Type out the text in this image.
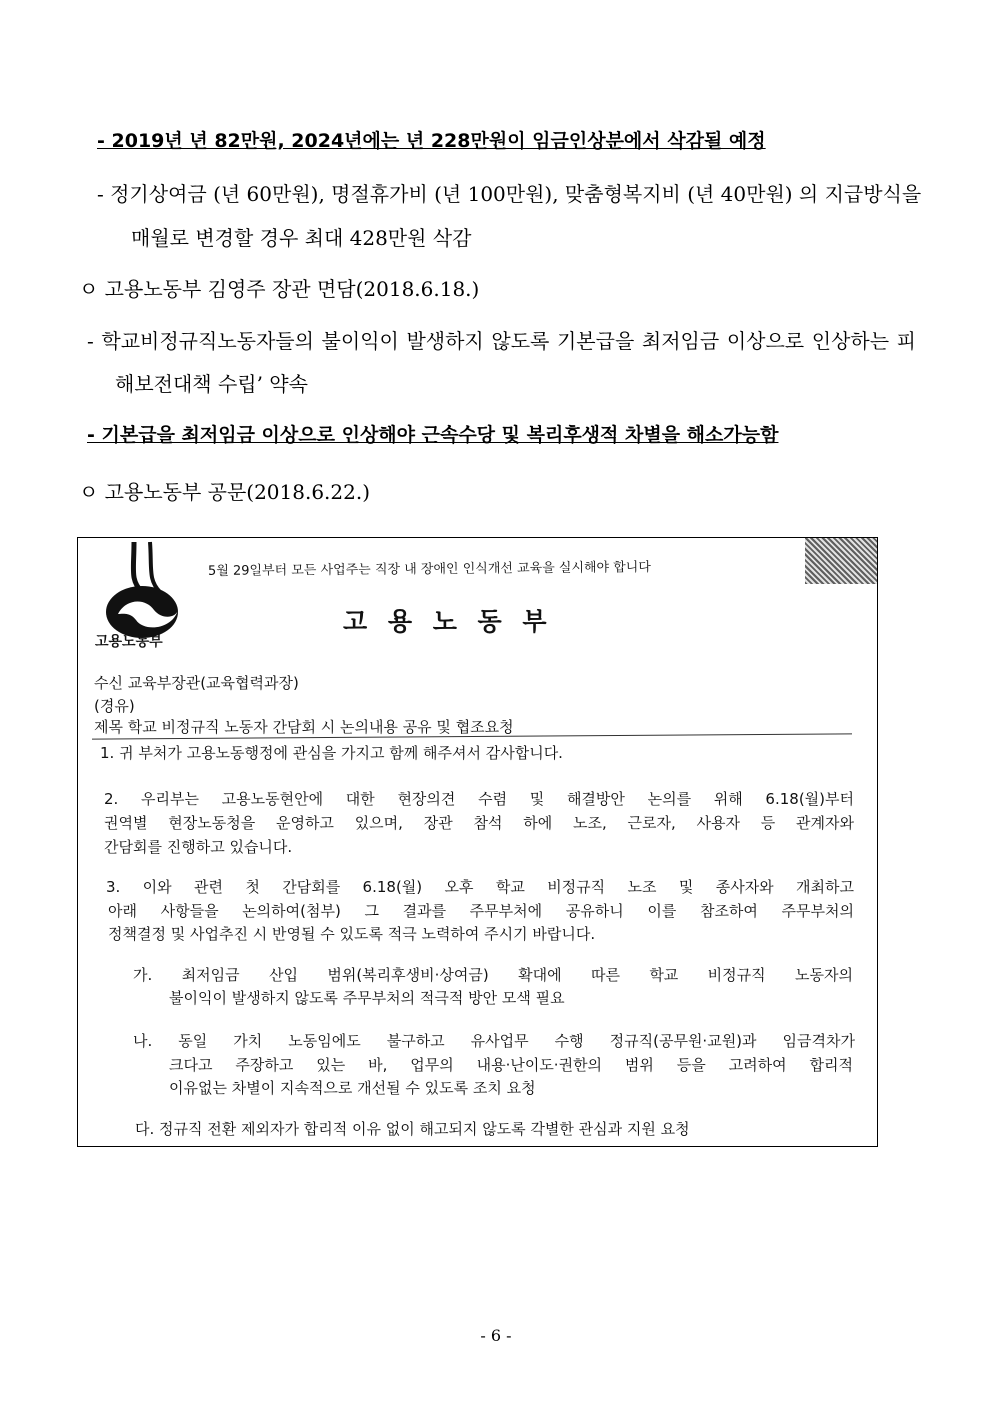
- 2019년 년 82만원, 2024년에는 년 228만원이 임금인상분에서 삭감될 예정
- 정기상여금 (년 60만원), 명절휴가비 (년 100만원), 맞춤형복지비 (년 40만원) 의 지급방식을
매월로 변경할 경우 최대 428만원 삭감
ㅇ 고용노동부 김영주 장관 면담(2018.6.18.)
- 학교비정규직노동자들의 불이익이 발생하지 않도록 기본급을 최저임금 이상으로 인상하는 피
해보전대책 수립’ 약속
- 기본급을 최저임금 이상으로 인상해야 근속수당 및 복리후생적 차별을 해소가능함
ㅇ 고용노동부 공문(2018.6.22.)
고용노동부
5월 29일부터 모든 사업주는 직장 내 장애인 인식개선 교육을 실시해야 합니다
고 용 노 동 부
수신 교육부장관(교육협력과장)
(경유)
제목 학교 비정규직 노동자 간담회 시 논의내용 공유 및 협조요청
1. 귀 부처가 고용노동행정에 관심을 가지고 함께 해주셔서 감사합니다.
2. 우리부는 고용노동현안에 대한 현장의견 수렴 및 해결방안 논의를 위해 6.18(월)부터
권역별 현장노동청을 운영하고 있으며, 장관 참석 하에 노조, 근로자, 사용자 등 관계자와
간담회를 진행하고 있습니다.
3. 이와 관련 첫 간담회를 6.18(월) 오후 학교 비정규직 노조 및 종사자와 개최하고
아래 사항들을 논의하여(첨부) 그 결과를 주무부처에 공유하니 이를 참조하여 주무부처의
정책결정 및 사업추진 시 반영될 수 있도록 적극 노력하여 주시기 바랍니다.
가. 최저임금 산입 범위(복리후생비·상여금) 확대에 따른 학교 비정규직 노동자의
불이익이 발생하지 않도록 주무부처의 적극적 방안 모색 필요
나. 동일 가치 노동임에도 불구하고 유사업무 수행 정규직(공무원·교원)과 임금격차가
크다고 주장하고 있는 바, 업무의 내용·난이도·권한의 범위 등을 고려하여 합리적
이유없는 차별이 지속적으로 개선될 수 있도록 조치 요청
다. 정규직 전환 제외자가 합리적 이유 없이 해고되지 않도록 각별한 관심과 지원 요청
- 6 -
